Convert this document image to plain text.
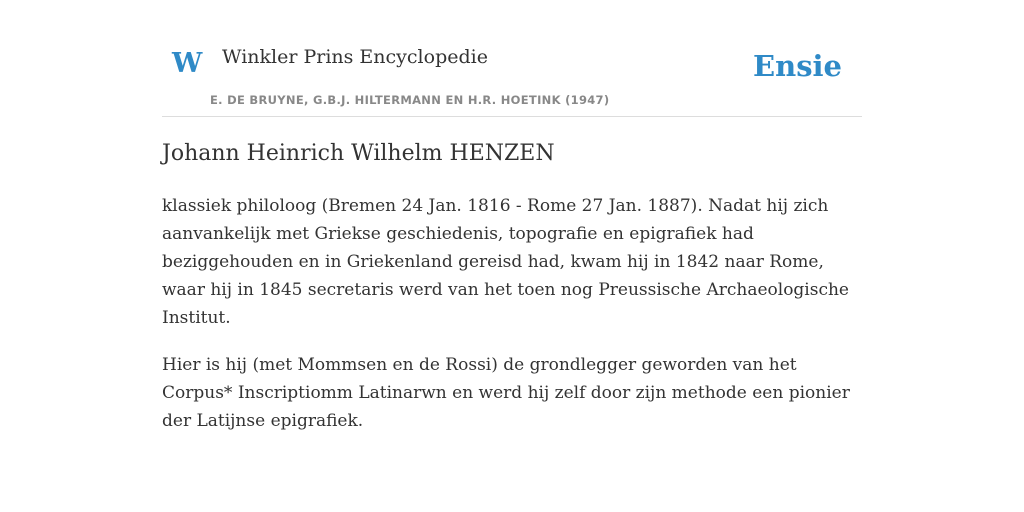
W Winkler Prins Encyclopedie
E. DE BRUYNE, G.B.J. HILTERMANN EN H.R. HOETINK (1947)
Ensie
Johann Heinrich Wilhelm HENZEN

klassiek philoloog (Bremen 24 Jan. 1816 - Rome 27 Jan. 1887). Nadat hij zich aanvankelijk met Griekse geschiedenis, topografie en epigrafiek had beziggehouden en in Griekenland gereisd had, kwam hij in 1842 naar Rome, waar hij in 1845 secretaris werd van het toen nog Preussische Archaeologische Institut.

Hier is hij (met Mommsen en de Rossi) de grondlegger geworden van het Corpus* Inscriptiomm Latinarwn en werd hij zelf door zijn methode een pionier der Latijnse epigrafiek.
